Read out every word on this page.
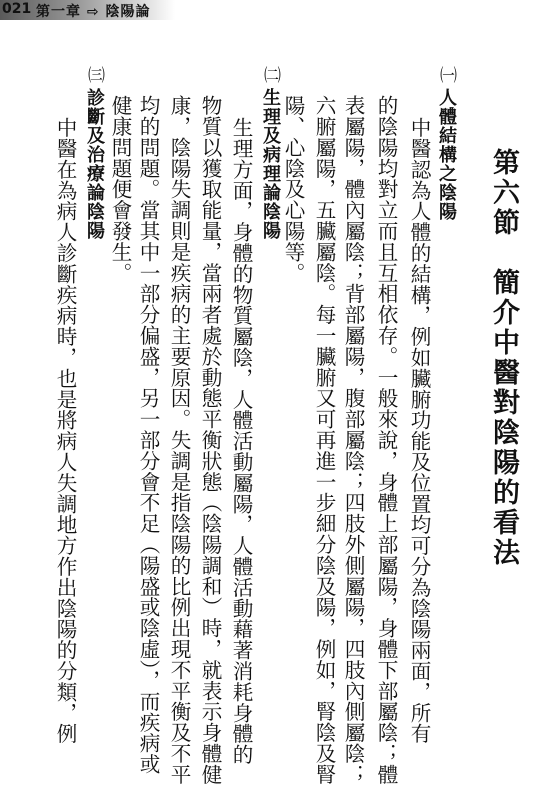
021 第一章 ⇨ 陰陽論
第六節　簡介中醫對陰陽的看法
㈠
人體結構之陰陽
中醫認為人體的結構，例如臟腑功能及位置均可分為陰陽兩面，所有
的陰陽均對立而且互相依存。一般來說，身體上部屬陽，身體下部屬陰；體
表屬陽，體內屬陰；背部屬陽，腹部屬陰；四肢外側屬陽，四肢內側屬陰；
六腑屬陽，五臟屬陰。每一臟腑又可再進一步細分陰及陽，例如，腎陰及腎
陽、心陰及心陽等。
㈡
生理及病理論陰陽
生理方面，身體的物質屬陰，人體活動屬陽，人體活動藉著消耗身體的
物質以獲取能量，當兩者處於動態平衡狀態（陰陽調和）時，就表示身體健
康，陰陽失調則是疾病的主要原因。失調是指陰陽的比例出現不平衡及不平
均的問題。當其中一部分偏盛，另一部分會不足（陽盛或陰虛），而疾病或
健康問題便會發生。
㈢
診斷及治療論陰陽
中醫在為病人診斷疾病時，也是將病人失調地方作出陰陽的分類，例
